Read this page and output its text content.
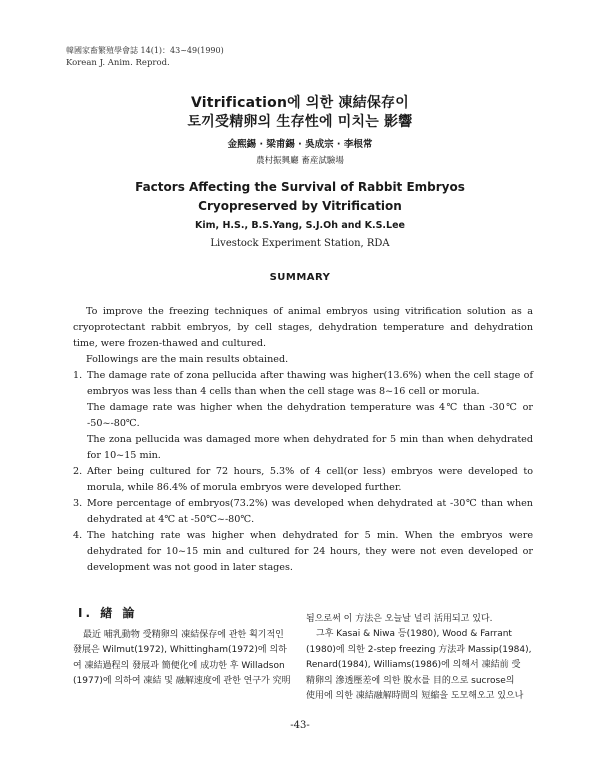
韓國家畜繁殖學會誌 14(1)：43~49(1990)
Korean J. Anim. Reprod.
Vitrification에 의한 凍結保存이
토끼受精卵의 生存性에 미치는 影響
金熙錫 · 梁甫錫 · 吳成宗 · 李根常
農村振興廳 畜産試驗場
Factors Affecting the Survival of Rabbit Embryos
Cryopreserved by Vitrification
Kim, H.S., B.S.Yang, S.J.Oh and K.S.Lee
Livestock Experiment Station, RDA
SUMMARY

To improve the freezing techniques of animal embryos using vitrification solution as a cryoprotectant rabbit embryos, by cell stages, dehydration temperature and dehydration time, were frozen-thawed and cultured.

Followings are the main results obtained.

1. The damage rate of zona pellucida after thawing was higher(13.6%) when the cell stage of embryos was less than 4 cells than when the cell stage was 8~16 cell or morula.
The damage rate was higher when the dehydration temperature was 4℃ than -30℃ or -50~-80℃.
The zona pellucida was damaged more when dehydrated for 5 min than when dehydrated for 10~15 min.
2. After being cultured for 72 hours, 5.3% of 4 cell(or less) embryos were developed to morula, while 86.4% of morula embryos were developed further.
3. More percentage of embryos(73.2%) was developed when dehydrated at -30℃ than when dehydrated at 4℃ at -50℃~-80℃.
4. The hatching rate was higher when dehydrated for 5 min. When the embryos were dehydrated for 10~15 min and cultured for 24 hours, they were not even developed or development was not good in later stages.
I. 緖 論

最近 哺乳動物 受精卵의 凍結保存에 관한 획기적인

發展은 Wilmut(1972), Whittingham(1972)에 의하

여 凍結過程의 發展과 簡便化에 成功한 후 Willadson

(1977)에 의하여 凍結 및 融解速度에 관한 연구가 究明

됨으로써 이 方法은 오늘날 널리 活用되고 있다.

그후 Kasai & Niwa 등(1980), Wood & Farrant

(1980)에 의한 2-step freezing 方法과 Massip(1984),

Renard(1984), Williams(1986)에 의해서 凍結前 受

精卵의 滲透壓差에 의한 脫水를 目的으로 sucrose의

使用에 의한 凍結融解時間의 短縮을 도모해오고 있으나

-43-
